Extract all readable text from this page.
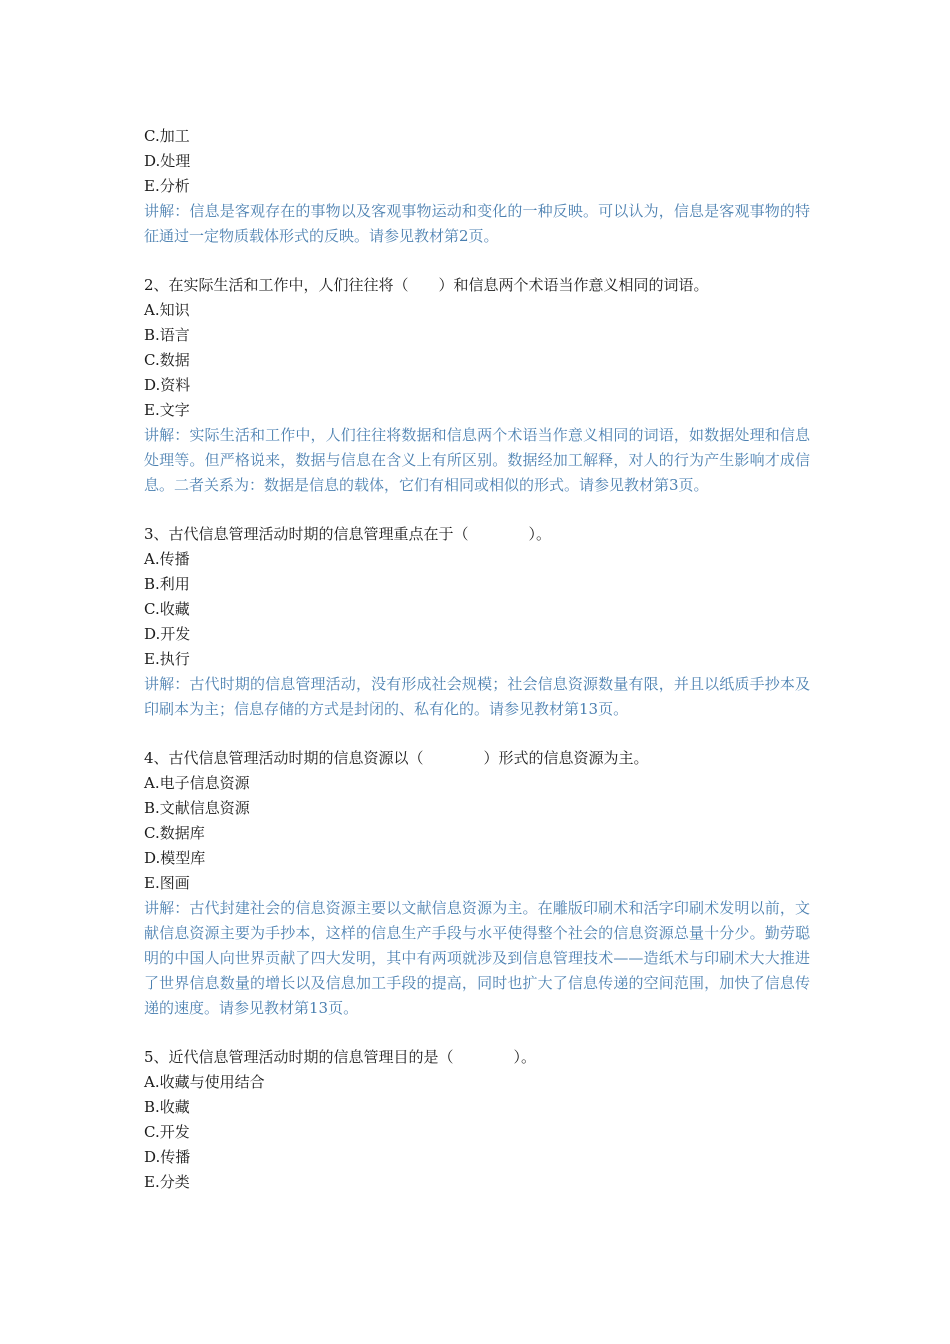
C.加工
D.处理
E.分析
讲解：信息是客观存在的事物以及客观事物运动和变化的一种反映。可以认为，信息是客观事物的特征通过一定物质载体形式的反映。请参见教材第2页。
2、在实际生活和工作中，人们往往将（　　）和信息两个术语当作意义相同的词语。
A.知识
B.语言
C.数据
D.资料
E.文字
讲解：实际生活和工作中，人们往往将数据和信息两个术语当作意义相同的词语，如数据处理和信息处理等。但严格说来，数据与信息在含义上有所区别。数据经加工解释，对人的行为产生影响才成信息。二者关系为：数据是信息的载体，它们有相同或相似的形式。请参见教材第3页。
3、古代信息管理活动时期的信息管理重点在于（　　　　）。
A.传播
B.利用
C.收藏
D.开发
E.执行
讲解：古代时期的信息管理活动，没有形成社会规模；社会信息资源数量有限，并且以纸质手抄本及印刷本为主；信息存储的方式是封闭的、私有化的。请参见教材第13页。
4、古代信息管理活动时期的信息资源以（　　　　）形式的信息资源为主。
A.电子信息资源
B.文献信息资源
C.数据库
D.模型库
E.图画
讲解：古代封建社会的信息资源主要以文献信息资源为主。在雕版印刷术和活字印刷术发明以前，文献信息资源主要为手抄本，这样的信息生产手段与水平使得整个社会的信息资源总量十分少。勤劳聪明的中国人向世界贡献了四大发明，其中有两项就涉及到信息管理技术——造纸术与印刷术大大推进了世界信息数量的增长以及信息加工手段的提高，同时也扩大了信息传递的空间范围，加快了信息传递的速度。请参见教材第13页。
5、近代信息管理活动时期的信息管理目的是（　　　　）。
A.收藏与使用结合
B.收藏
C.开发
D.传播
E.分类
